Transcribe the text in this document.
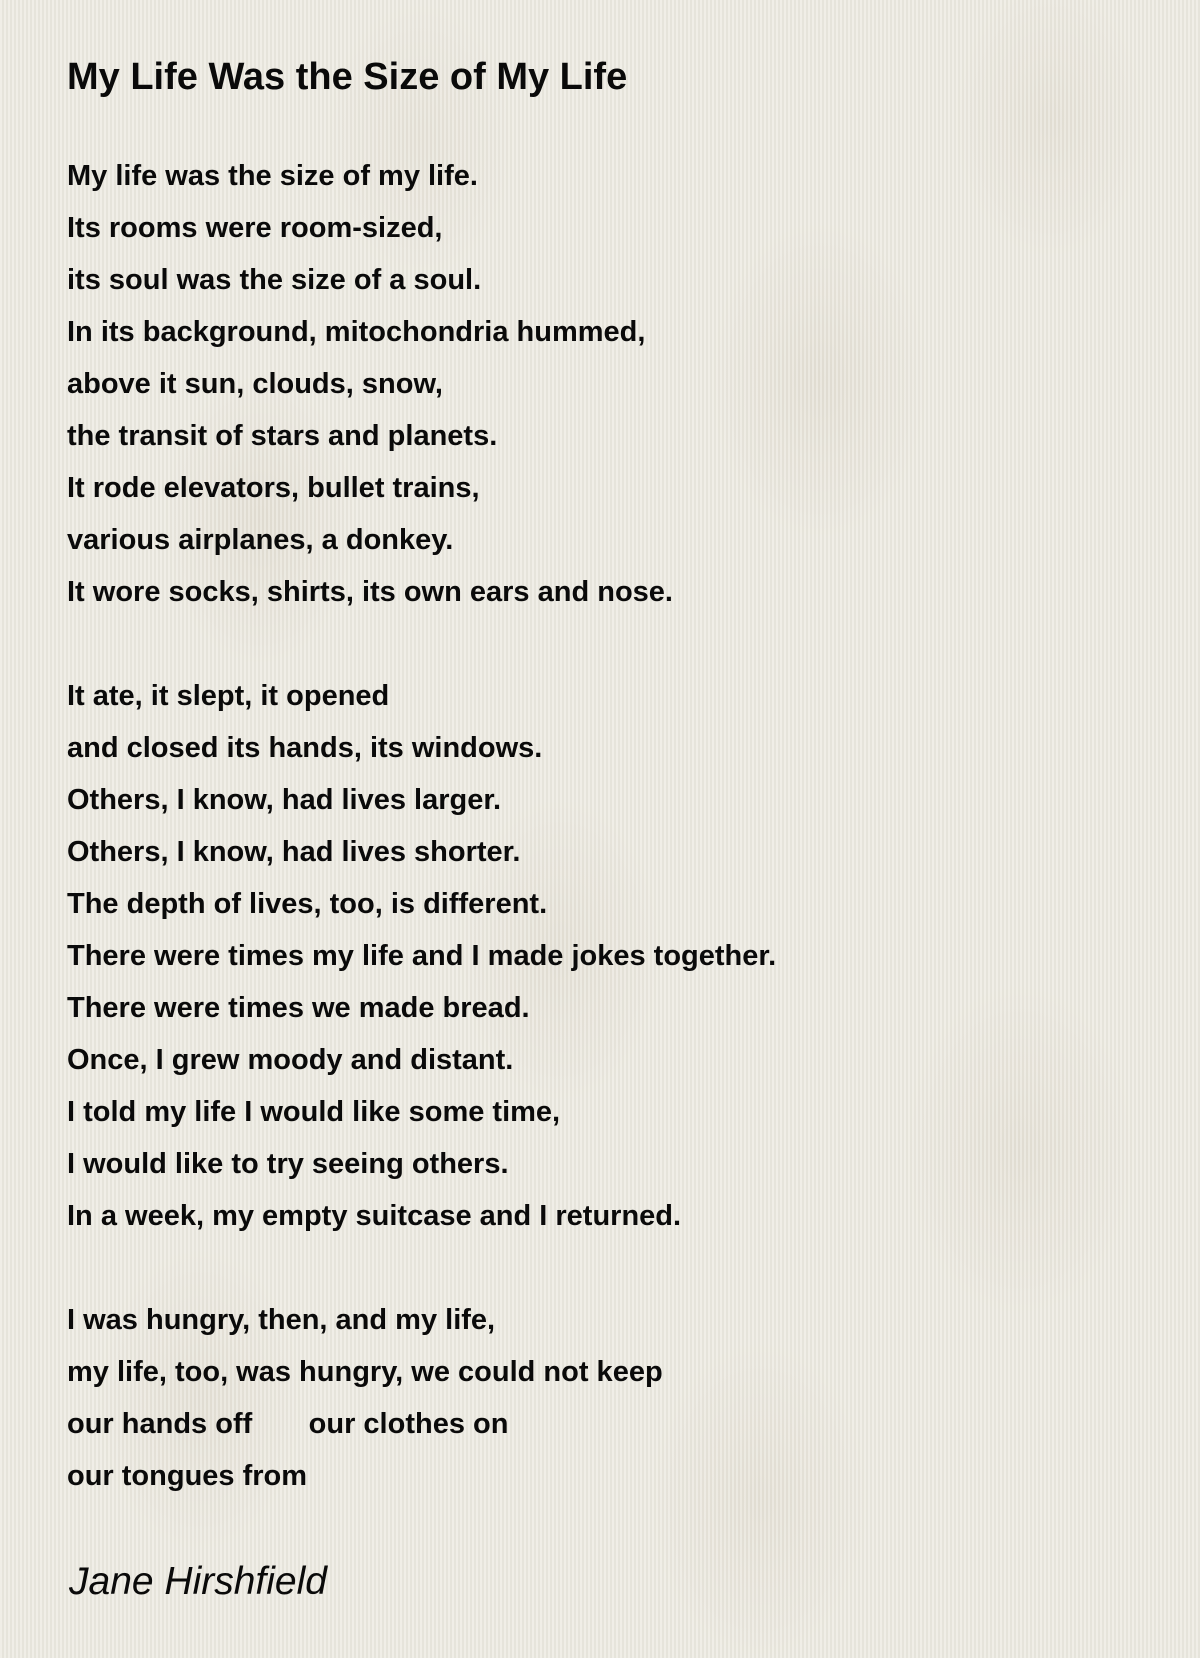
My Life Was the Size of My Life
My life was the size of my life.
Its rooms were room-sized,
its soul was the size of a soul.
In its background, mitochondria hummed,
above it sun, clouds, snow,
the transit of stars and planets.
It rode elevators, bullet trains,
various airplanes, a donkey.
It wore socks, shirts, its own ears and nose.
It ate, it slept, it opened
and closed its hands, its windows.
Others, I know, had lives larger.
Others, I know, had lives shorter.
The depth of lives, too, is different.
There were times my life and I made jokes together.
There were times we made bread.
Once, I grew moody and distant.
I told my life I would like some time,
I would like to try seeing others.
In a week, my empty suitcase and I returned.
I was hungry, then, and my life,
my life, too, was hungry, we could not keep
our hands off       our clothes on
our tongues from
Jane Hirshfield
